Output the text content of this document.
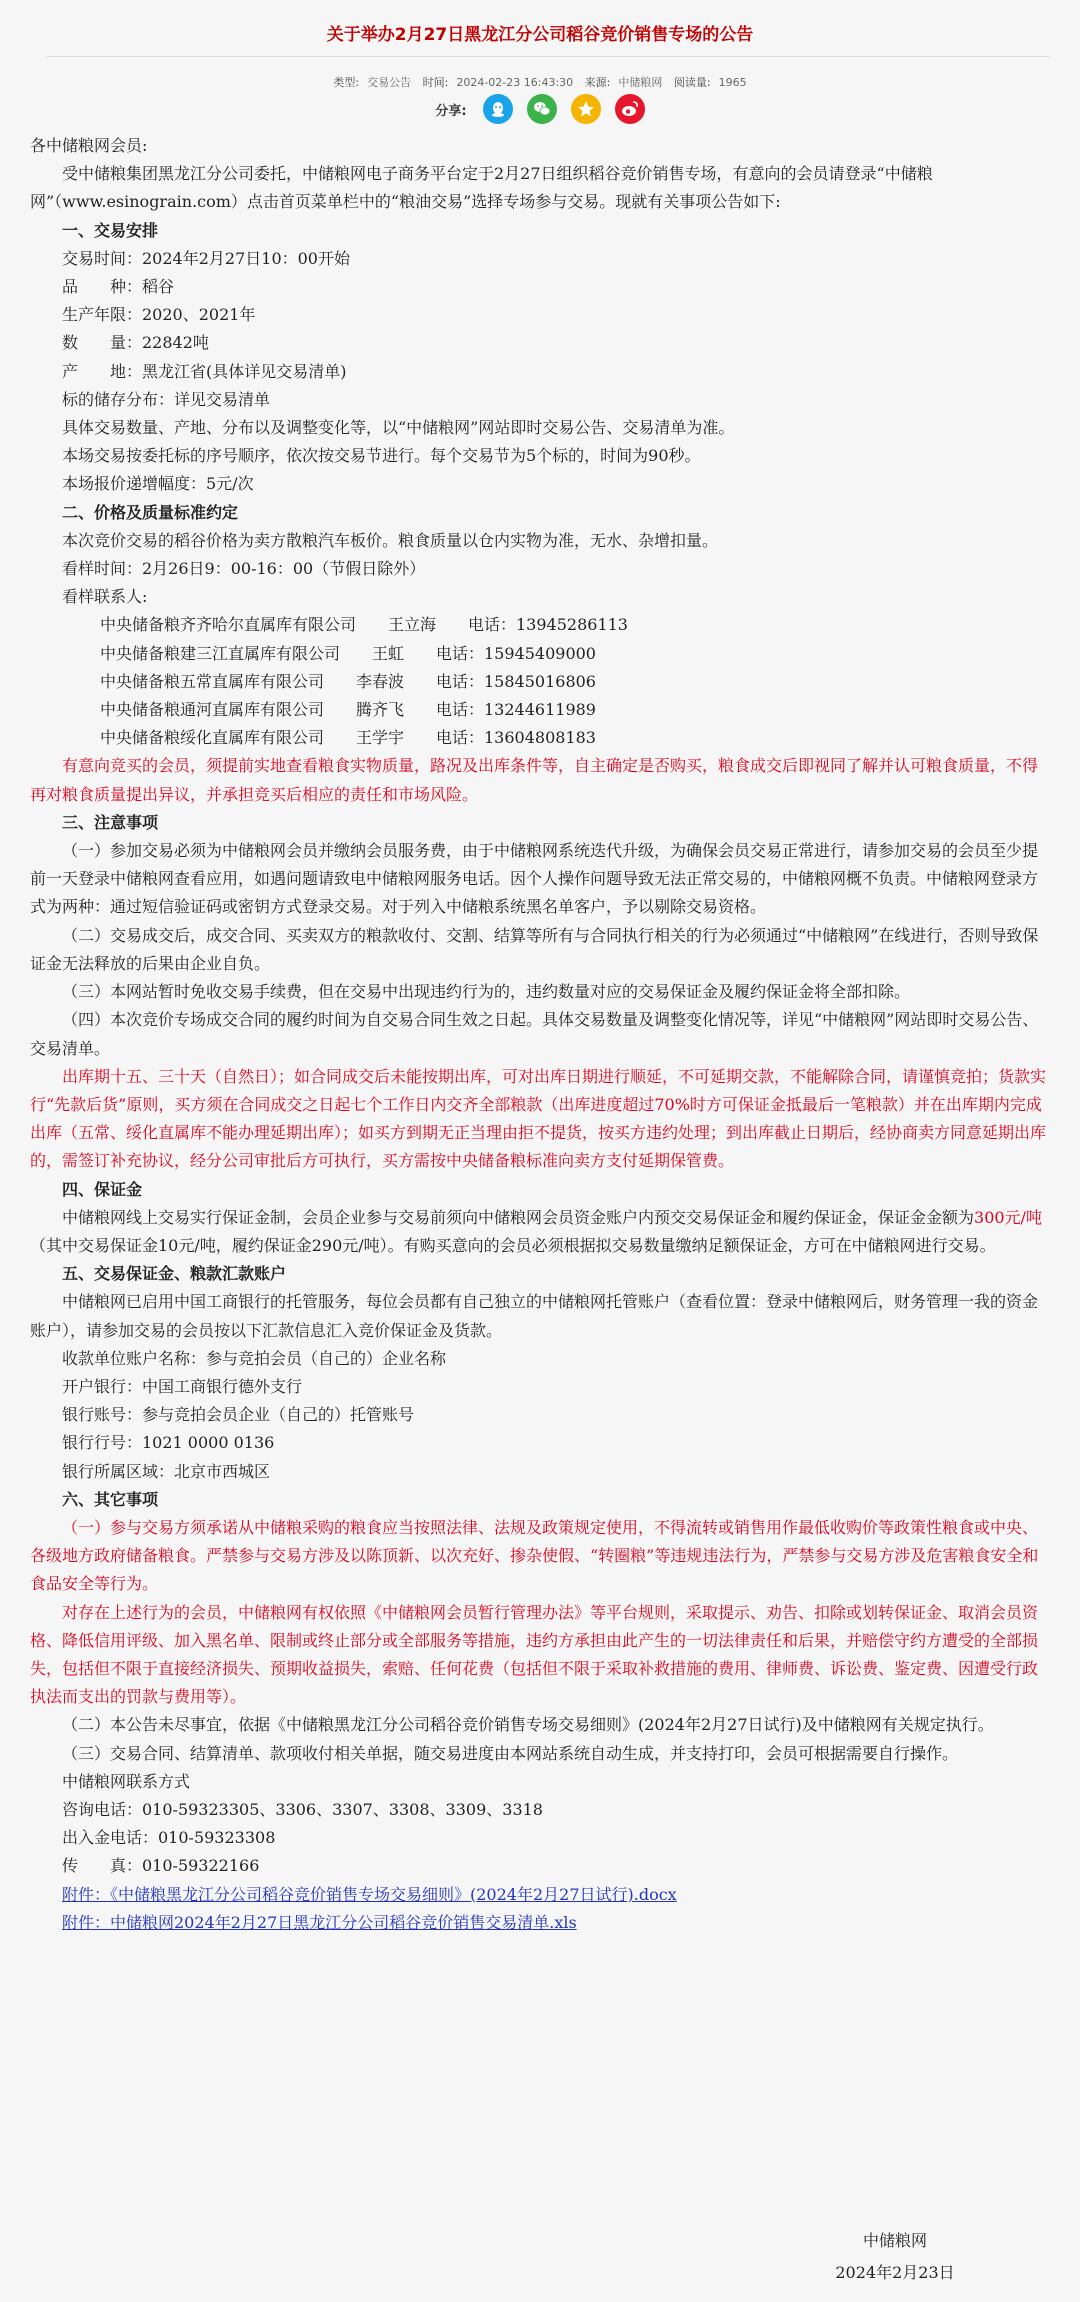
关于举办2月27日黑龙江分公司稻谷竞价销售专场的公告
类型: 交易公告 时间: 2024-02-23 16:43:30 来源: 中储粮网 阅读量: 1965
分享:

各中储粮网会员:

受中储粮集团黑龙江分公司委托，中储粮网电子商务平台定于2月27日组织稻谷竞价销售专场，有意向的会员请登录“中储粮网”（www.esinograin.com）点击首页菜单栏中的“粮油交易”选择专场参与交易。现就有关事项公告如下:

一、交易安排

交易时间：2024年2月27日10：00开始

品　　种：稻谷

生产年限：2020、2021年

数　　量：22842吨

产　　地：黑龙江省(具体详见交易清单)

标的储存分布：详见交易清单

具体交易数量、产地、分布以及调整变化等，以“中储粮网”网站即时交易公告、交易清单为准。

本场交易按委托标的序号顺序，依次按交易节进行。每个交易节为5个标的，时间为90秒。

本场报价递增幅度：5元/次

二、价格及质量标准约定

本次竞价交易的稻谷价格为卖方散粮汽车板价。粮食质量以仓内实物为准，无水、杂增扣量。

看样时间：2月26日9：00-16：00（节假日除外）

看样联系人:

中央储备粮齐齐哈尔直属库有限公司　　王立海　　电话：13945286113

中央储备粮建三江直属库有限公司　　王虹　　电话：15945409000

中央储备粮五常直属库有限公司　　李春波　　电话：15845016806

中央储备粮通河直属库有限公司　　腾齐飞　　电话：13244611989

中央储备粮绥化直属库有限公司　　王学宇　　电话：13604808183

有意向竞买的会员，须提前实地查看粮食实物质量，路况及出库条件等，自主确定是否购买，粮食成交后即视同了解并认可粮食质量，不得再对粮食质量提出异议，并承担竞买后相应的责任和市场风险。

三、注意事项

（一）参加交易必须为中储粮网会员并缴纳会员服务费，由于中储粮网系统迭代升级，为确保会员交易正常进行，请参加交易的会员至少提前一天登录中储粮网查看应用，如遇问题请致电中储粮网服务电话。因个人操作问题导致无法正常交易的，中储粮网概不负责。中储粮网登录方式为两种：通过短信验证码或密钥方式登录交易。对于列入中储粮系统黑名单客户，予以剔除交易资格。

（二）交易成交后，成交合同、买卖双方的粮款收付、交割、结算等所有与合同执行相关的行为必须通过“中储粮网”在线进行，否则导致保证金无法释放的后果由企业自负。

（三）本网站暂时免收交易手续费，但在交易中出现违约行为的，违约数量对应的交易保证金及履约保证金将全部扣除。

（四）本次竞价专场成交合同的履约时间为自交易合同生效之日起。具体交易数量及调整变化情况等，详见“中储粮网”网站即时交易公告、交易清单。

出库期十五、三十天（自然日）；如合同成交后未能按期出库，可对出库日期进行顺延，不可延期交款，不能解除合同，请谨慎竞拍；货款实行“先款后货”原则，买方须在合同成交之日起七个工作日内交齐全部粮款（出库进度超过70%时方可保证金抵最后一笔粮款）并在出库期内完成出库（五常、绥化直属库不能办理延期出库）；如买方到期无正当理由拒不提货，按买方违约处理；到出库截止日期后，经协商卖方同意延期出库的，需签订补充协议，经分公司审批后方可执行，买方需按中央储备粮标准向卖方支付延期保管费。

四、保证金

中储粮网线上交易实行保证金制，会员企业参与交易前须向中储粮网会员资金账户内预交交易保证金和履约保证金，保证金金额为300元/吨（其中交易保证金10元/吨，履约保证金290元/吨）。有购买意向的会员必须根据拟交易数量缴纳足额保证金，方可在中储粮网进行交易。

五、交易保证金、粮款汇款账户

中储粮网已启用中国工商银行的托管服务，每位会员都有自己独立的中储粮网托管账户（查看位置：登录中储粮网后，财务管理一我的资金账户），请参加交易的会员按以下汇款信息汇入竞价保证金及货款。

收款单位账户名称：参与竞拍会员（自己的）企业名称

开户银行：中国工商银行德外支行

银行账号：参与竞拍会员企业（自己的）托管账号

银行行号：1021 0000 0136

银行所属区域：北京市西城区

六、其它事项

（一）参与交易方须承诺从中储粮采购的粮食应当按照法律、法规及政策规定使用，不得流转或销售用作最低收购价等政策性粮食或中央、各级地方政府储备粮食。严禁参与交易方涉及以陈顶新、以次充好、掺杂使假、“转圈粮”等违规违法行为，严禁参与交易方涉及危害粮食安全和食品安全等行为。

对存在上述行为的会员，中储粮网有权依照《中储粮网会员暂行管理办法》等平台规则，采取提示、劝告、扣除或划转保证金、取消会员资格、降低信用评级、加入黑名单、限制或终止部分或全部服务等措施，违约方承担由此产生的一切法律责任和后果，并赔偿守约方遭受的全部损失，包括但不限于直接经济损失、预期收益损失，索赔、任何花费（包括但不限于采取补救措施的费用、律师费、诉讼费、鉴定费、因遭受行政执法而支出的罚款与费用等）。

（二）本公告未尽事宜，依据《中储粮黑龙江分公司稻谷竞价销售专场交易细则》(2024年2月27日试行)及中储粮网有关规定执行。

（三）交易合同、结算清单、款项收付相关单据，随交易进度由本网站系统自动生成，并支持打印，会员可根据需要自行操作。

中储粮网联系方式

咨询电话：010-59323305、3306、3307、3308、3309、3318

出入金电话：010-59323308

传　　真：010-59322166

附件：《中储粮黑龙江分公司稻谷竞价销售专场交易细则》(2024年2月27日试行).docx

附件：中储粮网2024年2月27日黑龙江分公司稻谷竞价销售交易清单.xls

中储粮网
2024年2月23日
